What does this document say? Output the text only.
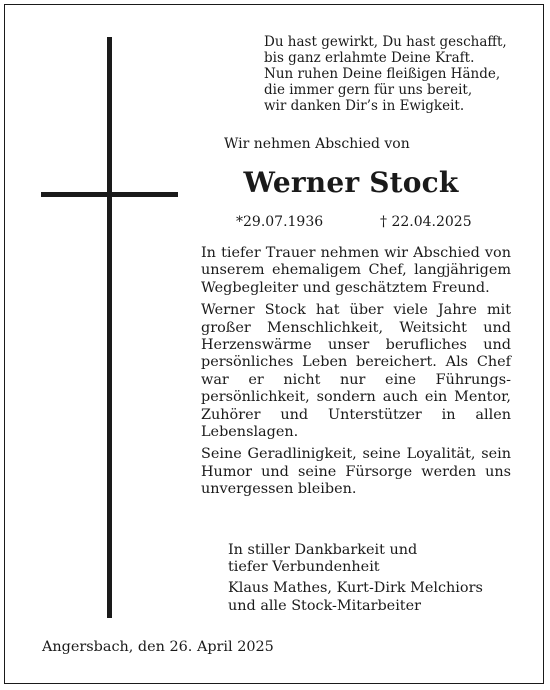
Du hast gewirkt, Du hast geschafft,
bis ganz erlahmte Deine Kraft.
Nun ruhen Deine fleißigen Hände,
die immer gern für uns bereit,
wir danken Dir’s in Ewigkeit.
Wir nehmen Abschied von
Werner Stock
*29.07.1936	† 22.04.2025

In tiefer Trauer nehmen wir Abschied von unserem ehemaligem Chef, langjährigem Wegbegleiter und geschätztem Freund.

Werner Stock hat über viele Jahre mit großer Menschlichkeit, Weitsicht und Herzenswärme unser berufliches und persönliches Leben bereichert. Als Chef war er nicht nur eine Führungspersönlichkeit, sondern auch ein Mentor, Zuhörer und Unterstützer in allen Lebenslagen.

Seine Geradlinigkeit, seine Loyalität, sein Humor und seine Fürsorge werden uns unvergessen bleiben.

In stiller Dankbarkeit und
tiefer Verbundenheit
Klaus Mathes, Kurt-Dirk Melchiors
und alle Stock-Mitarbeiter
Angersbach, den 26. April 2025
